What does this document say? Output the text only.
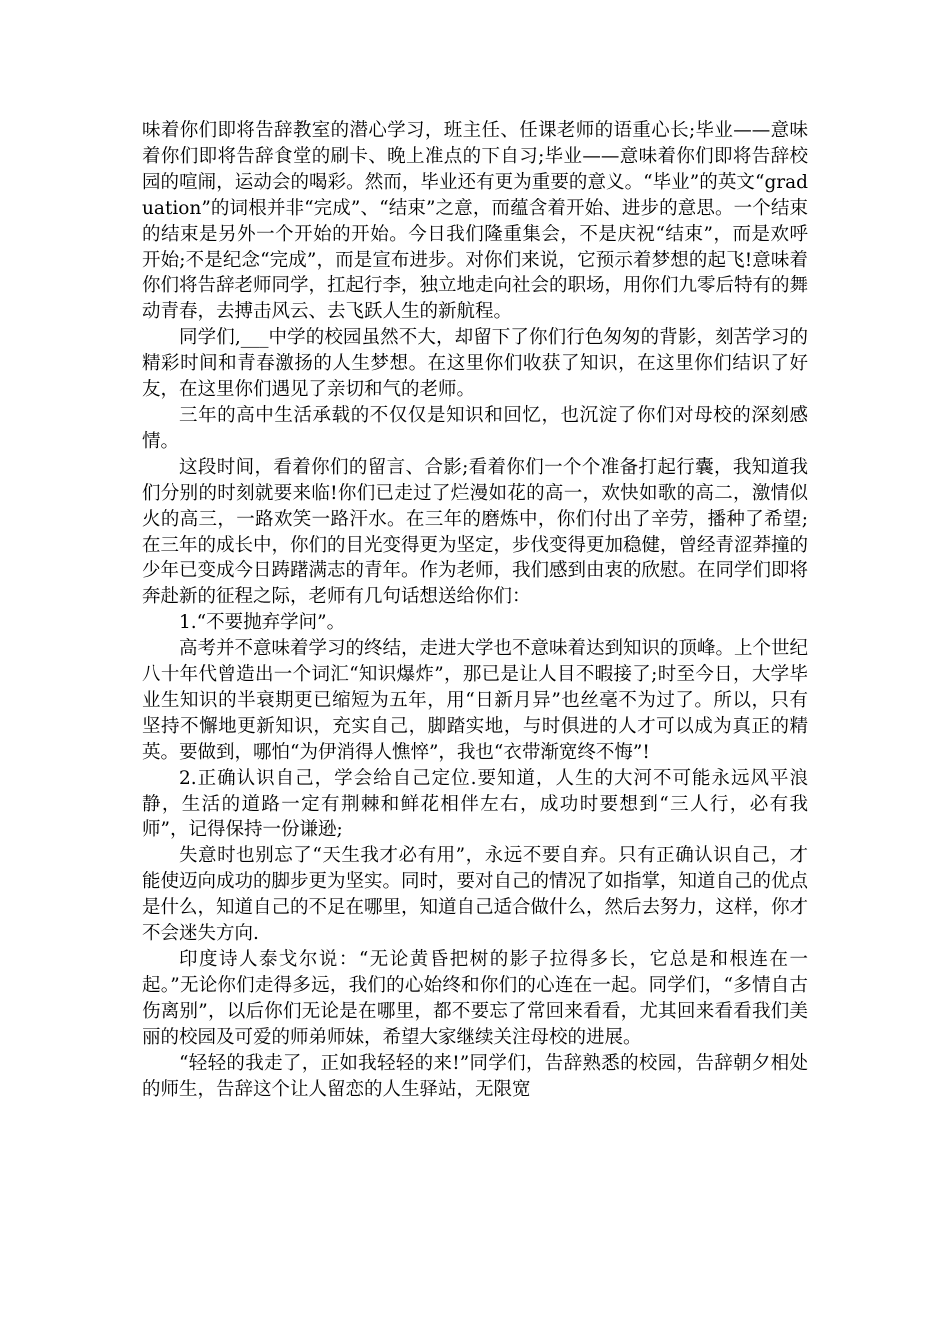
味着你们即将告辞教室的潜心学习，班主任、任课老师的语重心长;毕业——意味着你们即将告辞食堂的刷卡、晚上准点的下自习;毕业——意味着你们即将告辞校园的喧闹，运动会的喝彩。然而，毕业还有更为重要的意义。“毕业”的英文“graduation”的词根并非“完成”、“结束”之意，而蕴含着开始、进步的意思。一个结束的结束是另外一个开始的开始。今日我们隆重集会，不是庆祝“结束”，而是欢呼开始;不是纪念“完成”，而是宣布进步。对你们来说，它预示着梦想的起飞!意味着你们将告辞老师同学，扛起行李，独立地走向社会的职场，用你们九零后特有的舞动青春，去搏击风云、去飞跃人生的新航程。

同学们,___中学的校园虽然不大，却留下了你们行色匆匆的背影，刻苦学习的精彩时间和青春激扬的人生梦想。在这里你们收获了知识，在这里你们结识了好友，在这里你们遇见了亲切和气的老师。

三年的高中生活承载的不仅仅是知识和回忆，也沉淀了你们对母校的深刻感情。

这段时间，看着你们的留言、合影;看着你们一个个准备打起行囊，我知道我们分别的时刻就要来临!你们已走过了烂漫如花的高一，欢快如歌的高二，激情似火的高三，一路欢笑一路汗水。在三年的磨炼中，你们付出了辛劳，播种了希望;在三年的成长中，你们的目光变得更为坚定，步伐变得更加稳健，曾经青涩莽撞的少年已变成今日踌躇满志的青年。作为老师，我们感到由衷的欣慰。在同学们即将奔赴新的征程之际，老师有几句话想送给你们：

1.“不要抛弃学问”。

高考并不意味着学习的终结，走进大学也不意味着达到知识的顶峰。上个世纪八十年代曾造出一个词汇“知识爆炸”，那已是让人目不暇接了;时至今日，大学毕业生知识的半衰期更已缩短为五年，用“日新月异”也丝毫不为过了。所以，只有坚持不懈地更新知识，充实自己，脚踏实地，与时俱进的人才可以成为真正的精英。要做到，哪怕“为伊消得人憔悴”，我也“衣带渐宽终不悔”!

2.正确认识自己，学会给自己定位.要知道，人生的大河不可能永远风平浪静，生活的道路一定有荆棘和鲜花相伴左右，成功时要想到“三人行，必有我师”，记得保持一份谦逊;

失意时也别忘了“天生我才必有用”，永远不要自弃。只有正确认识自己，才能使迈向成功的脚步更为坚实。同时，要对自己的情况了如指掌，知道自己的优点是什么，知道自己的不足在哪里，知道自己适合做什么，然后去努力，这样，你才不会迷失方向.

印度诗人泰戈尔说：“无论黄昏把树的影子拉得多长，它总是和根连在一起。”无论你们走得多远，我们的心始终和你们的心连在一起。同学们，“多情自古伤离别”，以后你们无论是在哪里，都不要忘了常回来看看，尤其回来看看我们美丽的校园及可爱的师弟师妹，希望大家继续关注母校的进展。

“轻轻的我走了，正如我轻轻的来!”同学们，告辞熟悉的校园，告辞朝夕相处的师生，告辞这个让人留恋的人生驿站，无限宽
